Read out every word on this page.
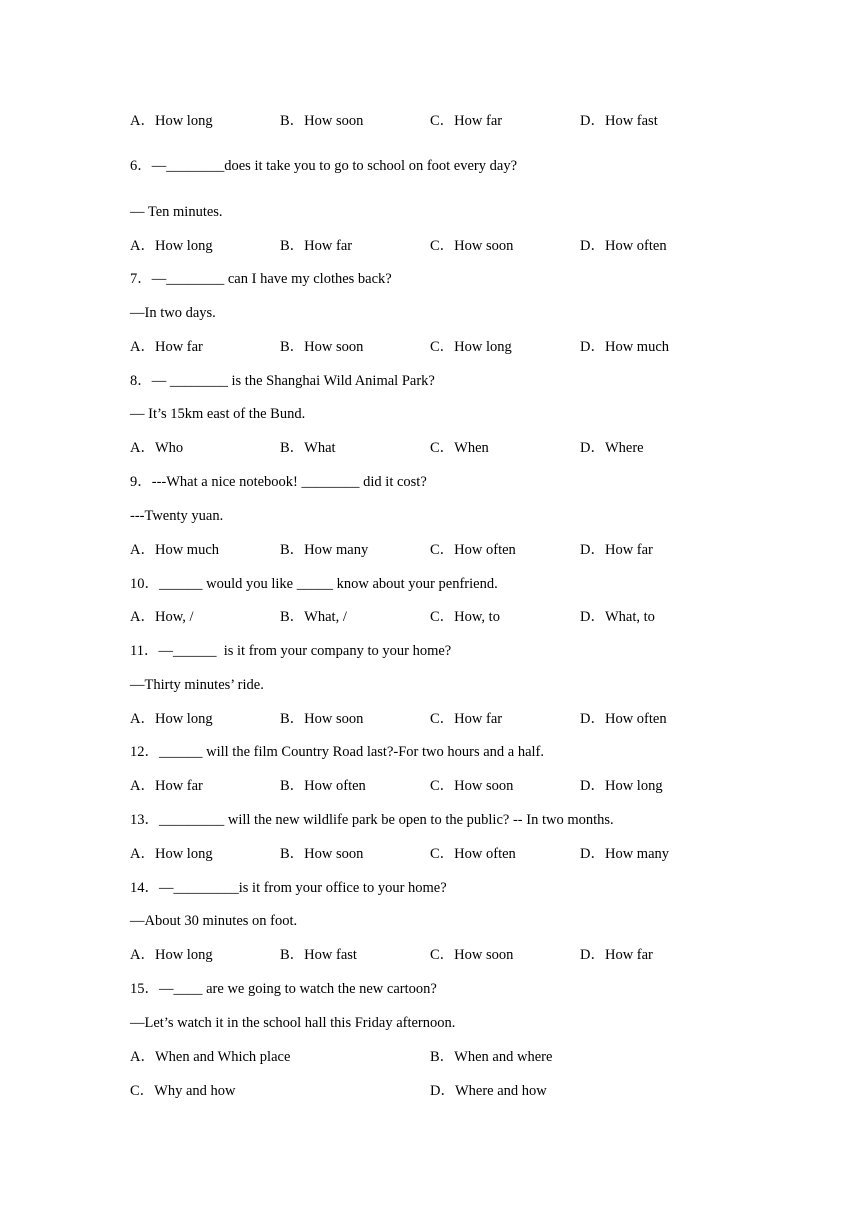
A．How long	B．How soon	C．How far	D．How fast
6．—________does it take you to go to school on foot every day?
— Ten minutes.
A．How long	B．How far	C．How soon	D．How often
7．—________ can I have my clothes back?
—In two days.
A．How far	B．How soon	C．How long	D．How much
8．— ________ is the Shanghai Wild Animal Park?
— It’s 15km east of the Bund.
A．Who	B．What	C．When	D．Where
9．---What a nice notebook! ________ did it cost?
---Twenty yuan.
A．How much	B．How many	C．How often	D．How far
10．______ would you like _____ know about your penfriend.
A．How, /	B．What, /	C．How, to	D．What, to
11．—______  is it from your company to your home?
—Thirty minutes’ ride.
A．How long	B．How soon	C．How far	D．How often
12．______ will the film Country Road last?-For two hours and a half.
A．How far	B．How often	C．How soon	D．How long
13．_________ will the new wildlife park be open to the public? -- In two months.
A．How long	B．How soon	C．How often	D．How many
14．—_________is it from your office to your home?
—About 30 minutes on foot.
A．How long	B．How fast	C．How soon	D．How far
15．—____ are we going to watch the new cartoon?
—Let’s watch it in the school hall this Friday afternoon.
A．When and Which place	B．When and where
C．Why and how	D．Where and how
